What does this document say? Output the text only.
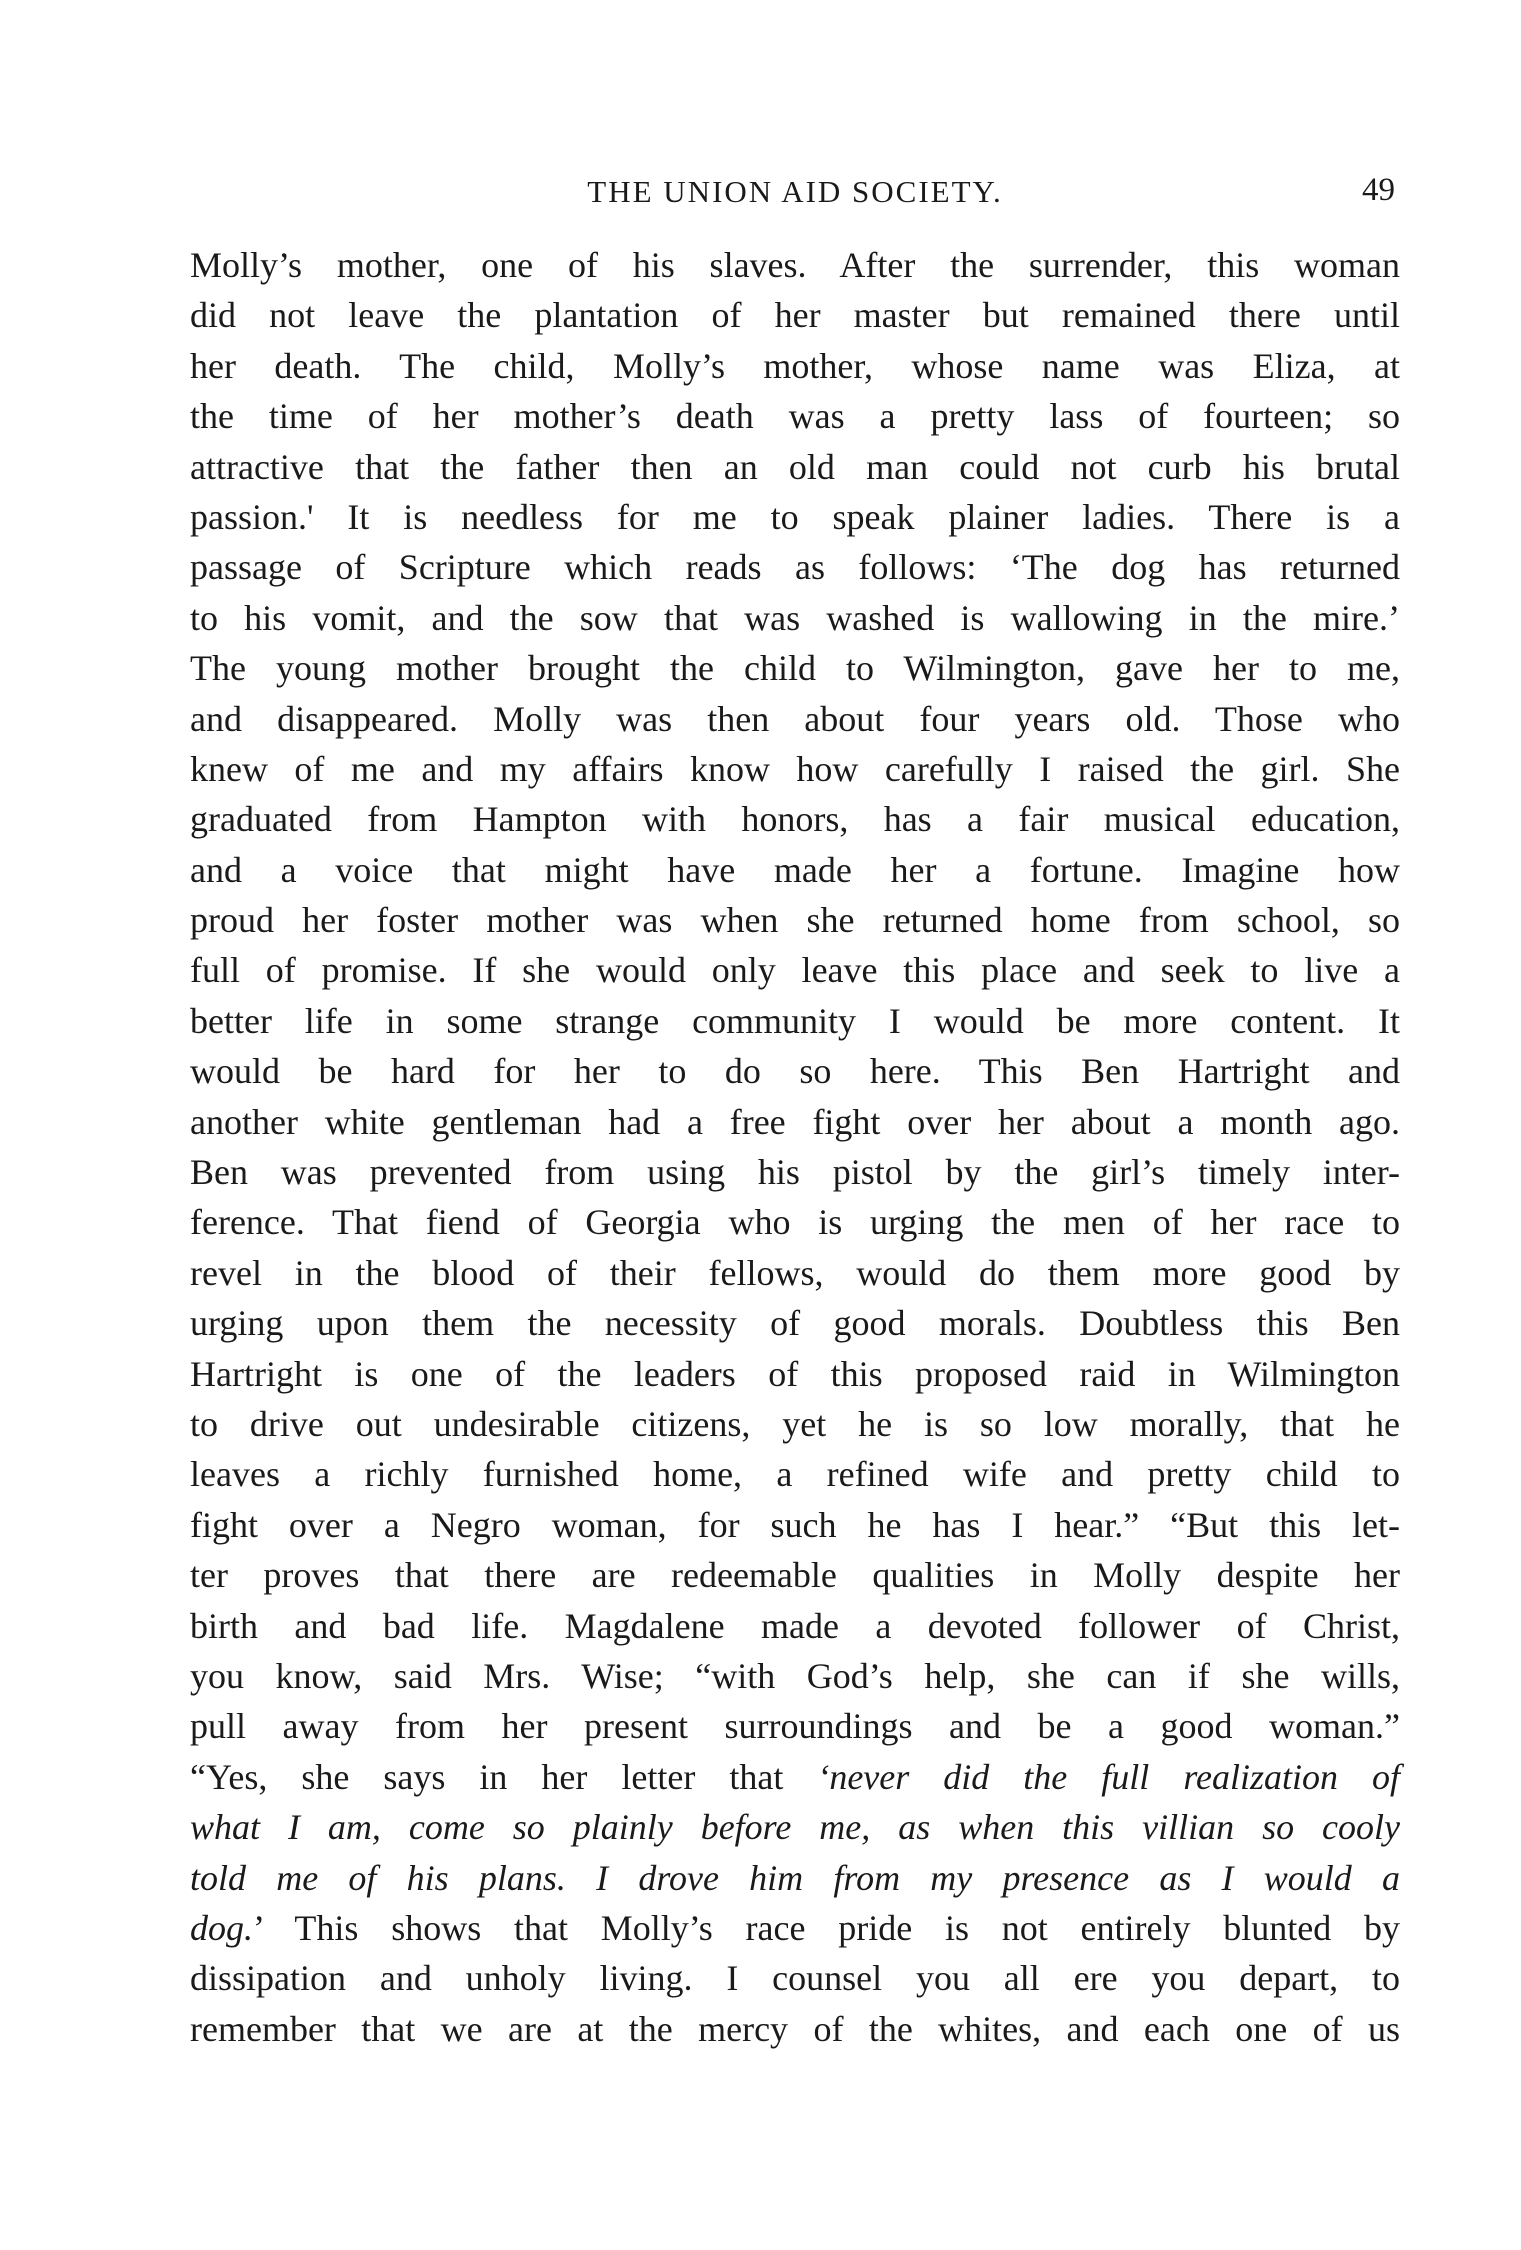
THE UNION AID SOCIETY.	49
Molly’s mother, one of his slaves. After the surrender, this woman
did not leave the plantation of her master but remained there until
her death. The child, Molly’s mother, whose name was Eliza, at
the time of her mother’s death was a pretty lass of fourteen; so
attractive that the father then an old man could not curb his brutal
passion.' It is needless for me to speak plainer ladies. There is a
passage of Scripture which reads as follows: ‘The dog has returned
to his vomit, and the sow that was washed is wallowing in the mire.’
The young mother brought the child to Wilmington, gave her to me,
and disappeared. Molly was then about four years old. Those who
knew of me and my affairs know how carefully I raised the girl. She
graduated from Hampton with honors, has a fair musical education,
and a voice that might have made her a fortune. Imagine how
proud her foster mother was when she returned home from school, so
full of promise. If she would only leave this place and seek to live a
better life in some strange community I would be more content. It
would be hard for her to do so here. This Ben Hartright and
another white gentleman had a free fight over her about a month ago.
Ben was prevented from using his pistol by the girl’s timely inter-
ference. That fiend of Georgia who is urging the men of her race to
revel in the blood of their fellows, would do them more good by
urging upon them the necessity of good morals. Doubtless this Ben
Hartright is one of the leaders of this proposed raid in Wilmington
to drive out undesirable citizens, yet he is so low morally, that he
leaves a richly furnished home, a refined wife and pretty child to
fight over a Negro woman, for such he has I hear.” “But this let-
ter proves that there are redeemable qualities in Molly despite her
birth and bad life. Magdalene made a devoted follower of Christ,
you know, said Mrs. Wise; “with God’s help, she can if she wills,
pull away from her present surroundings and be a good woman.”
“Yes, she says in her letter that ‘never did the full realization of
what I am, come so plainly before me, as when this villian so cooly
told me of his plans. I drove him from my presence as I would a
dog.’ This shows that Molly’s race pride is not entirely blunted by
dissipation and unholy living. I counsel you all ere you depart, to
remember that we are at the mercy of the whites, and each one of us
